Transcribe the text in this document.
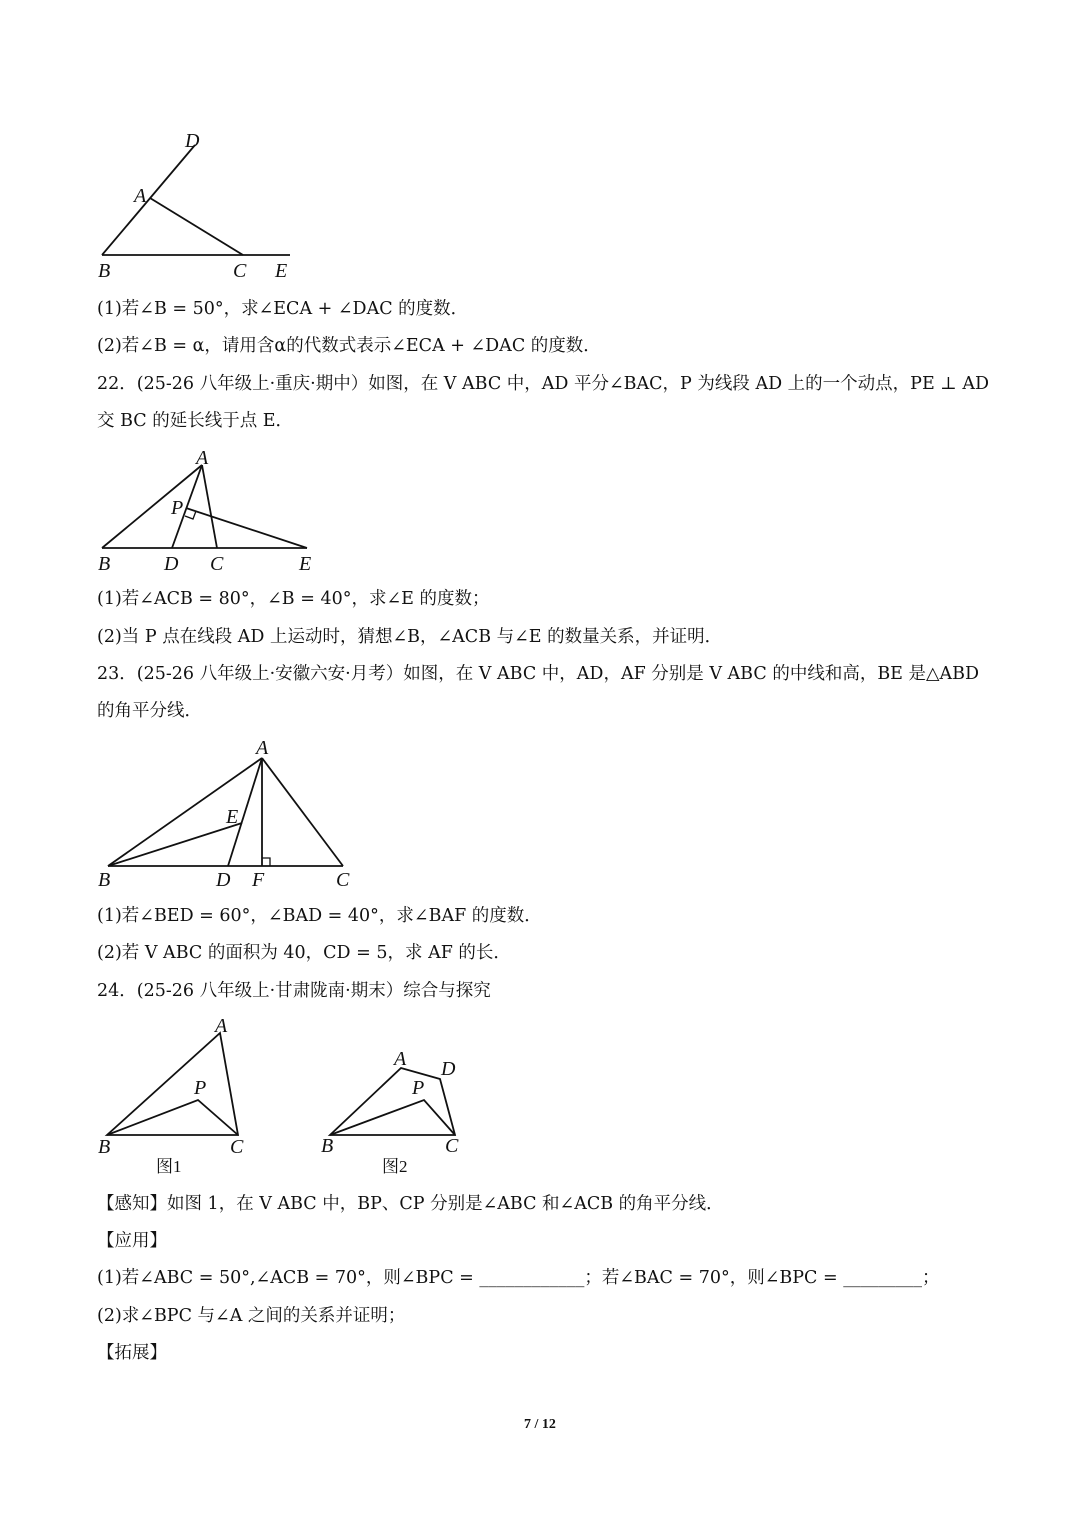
D
A
B	C E

(1)若∠B = 50°，求∠ECA + ∠DAC 的度数．

(2)若∠B = α，请用含α的代数式表示∠ECA + ∠DAC 的度数．

22．(25-26 八年级上·重庆·期中）如图，在 V ABC 中，AD 平分∠BAC，P 为线段 AD 上的一个动点，PE ⊥ AD

交 BC 的延长线于点 E．

A
P
B	D C	E

(1)若∠ACB = 80°，∠B = 40°，求∠E 的度数；

(2)当 P 点在线段 AD 上运动时，猜想∠B，∠ACB 与∠E 的数量关系，并证明．

23．(25-26 八年级上·安徽六安·月考）如图，在 V ABC 中，AD，AF 分别是 V ABC 的中线和高，BE 是△ABD

的角平分线．

A
E
B	D F	C

(1)若∠BED = 60°，∠BAD = 40°，求∠BAF 的度数．

(2)若 V ABC 的面积为 40，CD = 5，求 AF 的长．

24．(25-26 八年级上·甘肃陇南·期末）综合与探究

A
P
B	C
图1
A D
P
B	C
图2

【感知】如图 1，在 V ABC 中，BP、CP 分别是∠ABC 和∠ACB 的角平分线．

【应用】

(1)若∠ABC = 50°,∠ACB = 70°，则∠BPC = ____________；若∠BAC = 70°，则∠BPC = _________；

(2)求∠BPC 与∠A 之间的关系并证明；

【拓展】

7 / 12
